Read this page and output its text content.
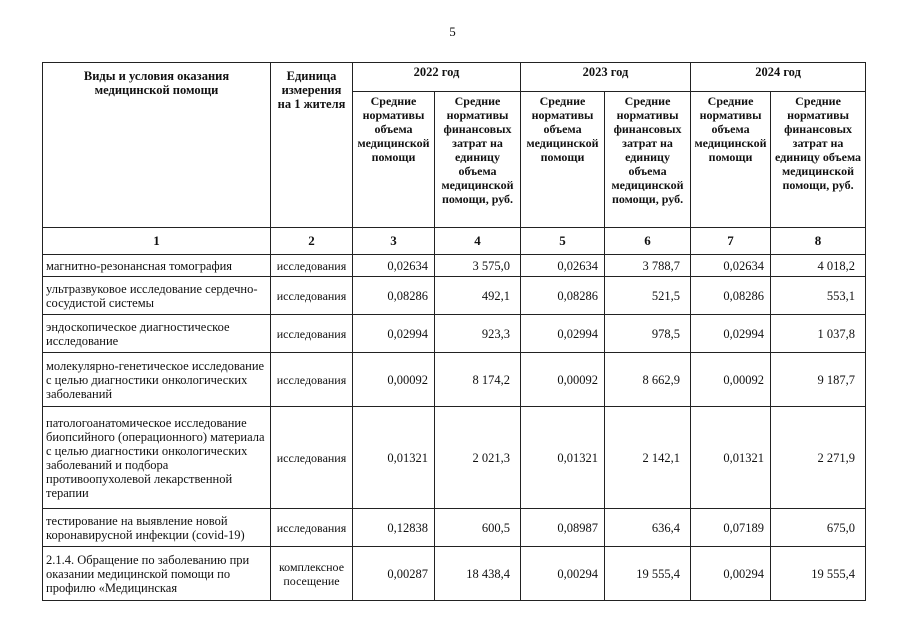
5
Виды и условия оказания медицинской помощи	Единица измерения на 1 жителя	2022 год		2023 год		2024 год	
		Средние нормативы объема медицинской помощи	Средние нормативы финансовых затрат на единицу объема медицинской помощи, руб.	Средние нормативы объема медицинской помощи	Средние нормативы финансовых затрат на единицу объема медицинской помощи, руб.	Средние нормативы объема медицинской помощи	Средние нормативы финансовых затрат на единицу объема медицинской помощи, руб.
1	2	3	4	5	6	7	8
магнитно-резонансная томография	исследования	0,02634	3 575,0	0,02634	3 788,7	0,02634	4 018,2
ультразвуковое исследование сердечно-сосудистой системы	исследования	0,08286	492,1	0,08286	521,5	0,08286	553,1
эндоскопическое диагностическое исследование	исследования	0,02994	923,3	0,02994	978,5	0,02994	1 037,8
молекулярно-генетическое исследование с целью диагностики онкологических заболеваний	исследования	0,00092	8 174,2	0,00092	8 662,9	0,00092	9 187,7
патологоанатомическое исследование биопсийного (операционного) материала с целью диагностики онкологических заболеваний и подбора противоопухолевой лекарственной терапии	исследования	0,01321	2 021,3	0,01321	2 142,1	0,01321	2 271,9
тестирование на выявление новой коронавирусной инфекции (covid-19)	исследования	0,12838	600,5	0,08987	636,4	0,07189	675,0
2.1.4. Обращение по заболеванию при оказании медицинской помощи по профилю «Медицинская	комплексное посещение	0,00287	18 438,4	0,00294	19 555,4	0,00294	19 555,4
